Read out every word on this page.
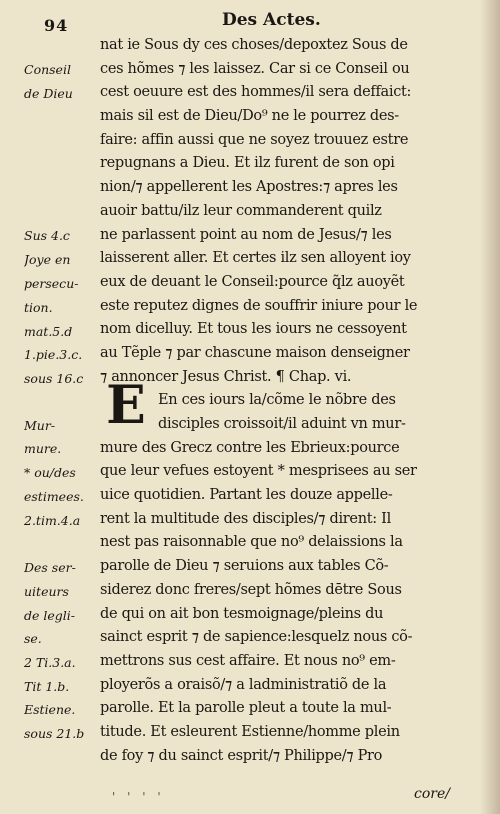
94	Des Actes.
nat ie Sous dy ces choses/depoxtez Sous de
ces hõmes ⁊ les laissez. Car si ce Conseil ou
cest oeuure est des hommes/il sera deffaict:
mais sil est de Dieu/Do⁹ ne le pourrez des-
faire: affin aussi que ne soyez trouuez estre
repugnans a Dieu. Et ilz furent de son opi
nion/⁊ appellerent les Apostres:⁊ apres les
auoir battu/ilz leur commanderent quilz
ne parlassent point au nom de Jesus/⁊ les
laisserent aller. Et certes ilz sen alloyent ioy
eux de deuant le Conseil:pource q̃lz auoyẽt
este reputez dignes de souffrir iniure pour le
nom dicelluy. Et tous les iours ne cessoyent
au Tẽple ⁊ par chascune maison denseigner
⁊ annoncer Jesus Christ. ¶ Chap. vi.
En ces iours la/cõme le nõbre des
disciples croissoit/il aduint vn mur-
mure des Grecz contre les Ebrieux:pource
que leur vefues estoyent * mesprisees au ser
uice quotidien. Partant les douze appelle-
rent la multitude des disciples/⁊ dirent: Il
nest pas raisonnable que no⁹ delaissions la
parolle de Dieu ⁊ seruions aux tables Cõ-
siderez donc freres/sept hõmes dētre Sous
de qui on ait bon tesmoignage/pleins du
sainct esprit ⁊ de sapience:lesquelz nous cõ-
mettrons sus cest affaire. Et nous no⁹ em-
ployerõs a oraisõ/⁊ a ladministratiõ de la
parolle. Et la parolle pleut a toute la mul-
titude. Et esleurent Estienne/homme plein
de foy ⁊ du sainct esprit/⁊ Philippe/⁊ Pro
E
Conseil
de Dieu
Sus 4.c
Joye en
persecu-
tion.
mat.5.d
1.pie.3.c.
sous 16.c
Mur-
mure.
* ou/des
estimees.
2.tim.4.a
Des ser-
uiteurs
de legli-
se.
2 Ti.3.a.
Tit 1.b.
Estiene.
sous 21.b
' ' ' '	core/
